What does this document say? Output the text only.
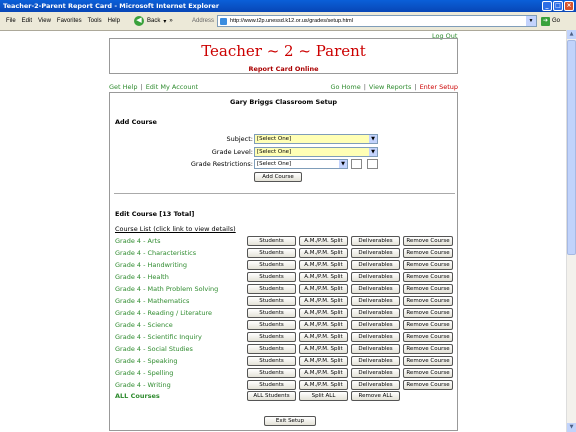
Teacher-2-Parent Report Card - Microsoft Internet Explorer	_	□ ×
File Edit View Favorites Tools Help	◀ Back ▾ »	Address	http://www.t2p.unessd.k12.or.us/grades/setup.html	▼	➔ Go
▲
▼
Log Out
Teacher ~ 2 ~ Parent
Report Card Online
Get Help | Edit My Account	Go Home | View Reports | Enter Setup
Gary Briggs Classroom Setup
Add Course
Subject: [Select One]	▼
Grade Level: [Select One]	▼
Grade Restrictions: [Select One]	▼
Add Course
Edit Course [13 Total]
Course List (click link to view details)
Grade 4 - Arts	Students	A.M./P.M. Split	Deliverables	Remove Course
Grade 4 - Characteristics	Students	A.M./P.M. Split	Deliverables	Remove Course
Grade 4 - Handwriting	Students	A.M./P.M. Split	Deliverables	Remove Course
Grade 4 - Health	Students	A.M./P.M. Split	Deliverables	Remove Course
Grade 4 - Math Problem Solving	Students	A.M./P.M. Split	Deliverables	Remove Course
Grade 4 - Mathematics	Students	A.M./P.M. Split	Deliverables	Remove Course
Grade 4 - Reading / Literature	Students	A.M./P.M. Split	Deliverables	Remove Course
Grade 4 - Science	Students	A.M./P.M. Split	Deliverables	Remove Course
Grade 4 - Scientific Inquiry	Students	A.M./P.M. Split	Deliverables	Remove Course
Grade 4 - Social Studies	Students	A.M./P.M. Split	Deliverables	Remove Course
Grade 4 - Speaking	Students	A.M./P.M. Split	Deliverables	Remove Course
Grade 4 - Spelling	Students	A.M./P.M. Split	Deliverables	Remove Course
Grade 4 - Writing	Students	A.M./P.M. Split	Deliverables	Remove Course
ALL Courses	ALL Students	Split ALL	Remove ALL
Exit Setup
